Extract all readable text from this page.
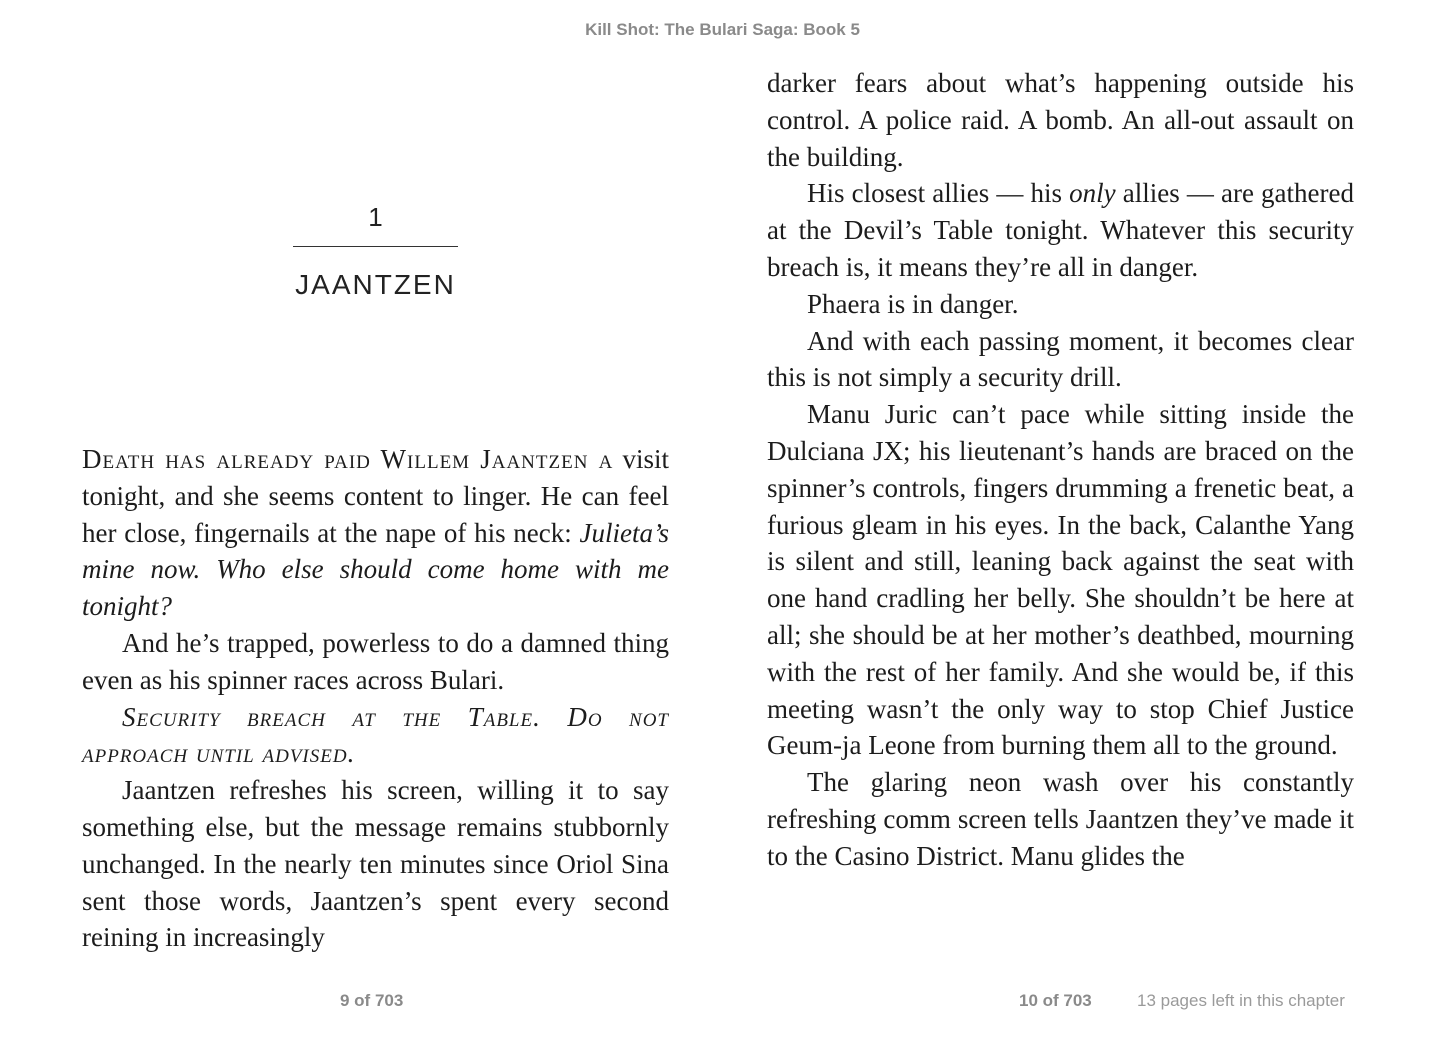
Kill Shot: The Bulari Saga: Book 5
1
JAANTZEN

Death has already paid Willem Jaantzen a visit tonight, and she seems content to linger. He can feel her close, fingernails at the nape of his neck: Julieta’s mine now. Who else should come home with me tonight?

And he’s trapped, powerless to do a damned thing even as his spinner races across Bulari.

Security breach at the Table. Do not approach until advised.

Jaantzen refreshes his screen, willing it to say something else, but the message remains stubbornly unchanged. In the nearly ten minutes since Oriol Sina sent those words, Jaantzen’s spent every second reining in increasingly

9 of 703

darker fears about what’s happening outside his control. A police raid. A bomb. An all-out assault on the building.

His closest allies — his only allies — are gathered at the Devil’s Table tonight. Whatever this security breach is, it means they’re all in danger.

Phaera is in danger.

And with each passing moment, it becomes clear this is not simply a security drill.

Manu Juric can’t pace while sitting inside the Dulciana JX; his lieutenant’s hands are braced on the spinner’s controls, fingers drumming a frenetic beat, a furious gleam in his eyes. In the back, Calanthe Yang is silent and still, leaning back against the seat with one hand cradling her belly. She shouldn’t be here at all; she should be at her mother’s deathbed, mourning with the rest of her family. And she would be, if this meeting wasn’t the only way to stop Chief Justice Geum-ja Leone from burning them all to the ground.

The glaring neon wash over his constantly refreshing comm screen tells Jaantzen they’ve made it to the Casino District. Manu glides the

10 of 703	13 pages left in this chapter
